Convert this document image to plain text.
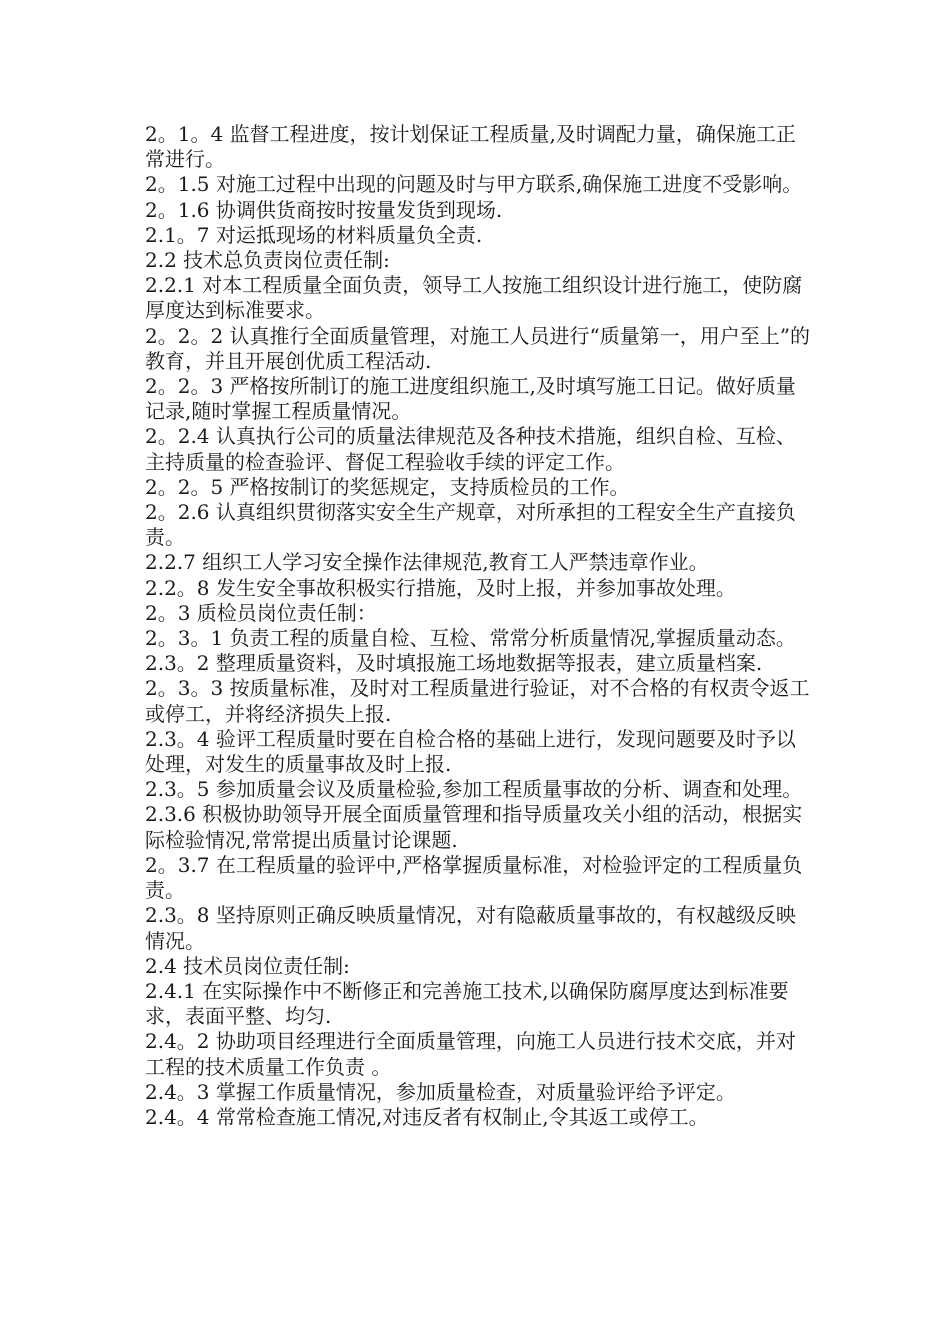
2。1。4 监督工程进度，按计划保证工程质量,及时调配力量，确保施工正常进行。

2。1.5 对施工过程中出现的问题及时与甲方联系,确保施工进度不受影响。

2。1.6 协调供货商按时按量发货到现场.

2.1。7 对运抵现场的材料质量负全责.

2.2 技术总负责岗位责任制:

2.2.1 对本工程质量全面负责，领导工人按施工组织设计进行施工，使防腐厚度达到标准要求。

2。2。2 认真推行全面质量管理，对施工人员进行“质量第一，用户至上”的教育，并且开展创优质工程活动.

2。2。3 严格按所制订的施工进度组织施工,及时填写施工日记。做好质量记录,随时掌握工程质量情况。

2。2.4 认真执行公司的质量法律规范及各种技术措施，组织自检、互检、主持质量的检查验评、督促工程验收手续的评定工作。

2。2。5 严格按制订的奖惩规定，支持质检员的工作。

2。2.6 认真组织贯彻落实安全生产规章，对所承担的工程安全生产直接负责。

2.2.7 组织工人学习安全操作法律规范,教育工人严禁违章作业。

2.2。8 发生安全事故积极实行措施，及时上报，并参加事故处理。

2。3 质检员岗位责任制：

2。3。1 负责工程的质量自检、互检、常常分析质量情况,掌握质量动态。

2.3。2 整理质量资料，及时填报施工场地数据等报表，建立质量档案.

2。3。3 按质量标准，及时对工程质量进行验证，对不合格的有权责令返工或停工，并将经济损失上报.

2.3。4 验评工程质量时要在自检合格的基础上进行，发现问题要及时予以处理，对发生的质量事故及时上报.

2.3。5 参加质量会议及质量检验,参加工程质量事故的分析、调查和处理。

2.3.6 积极协助领导开展全面质量管理和指导质量攻关小组的活动，根据实际检验情况,常常提出质量讨论课题.

2。3.7 在工程质量的验评中,严格掌握质量标准，对检验评定的工程质量负责。

2.3。8 坚持原则正确反映质量情况，对有隐蔽质量事故的，有权越级反映情况。

2.4 技术员岗位责任制:

2.4.1 在实际操作中不断修正和完善施工技术,以确保防腐厚度达到标准要求，表面平整、均匀.

2.4。2 协助项目经理进行全面质量管理，向施工人员进行技术交底，并对工程的技术质量工作负责 。

2.4。3 掌握工作质量情况，参加质量检查，对质量验评给予评定。

2.4。4 常常检查施工情况,对违反者有权制止,令其返工或停工。
